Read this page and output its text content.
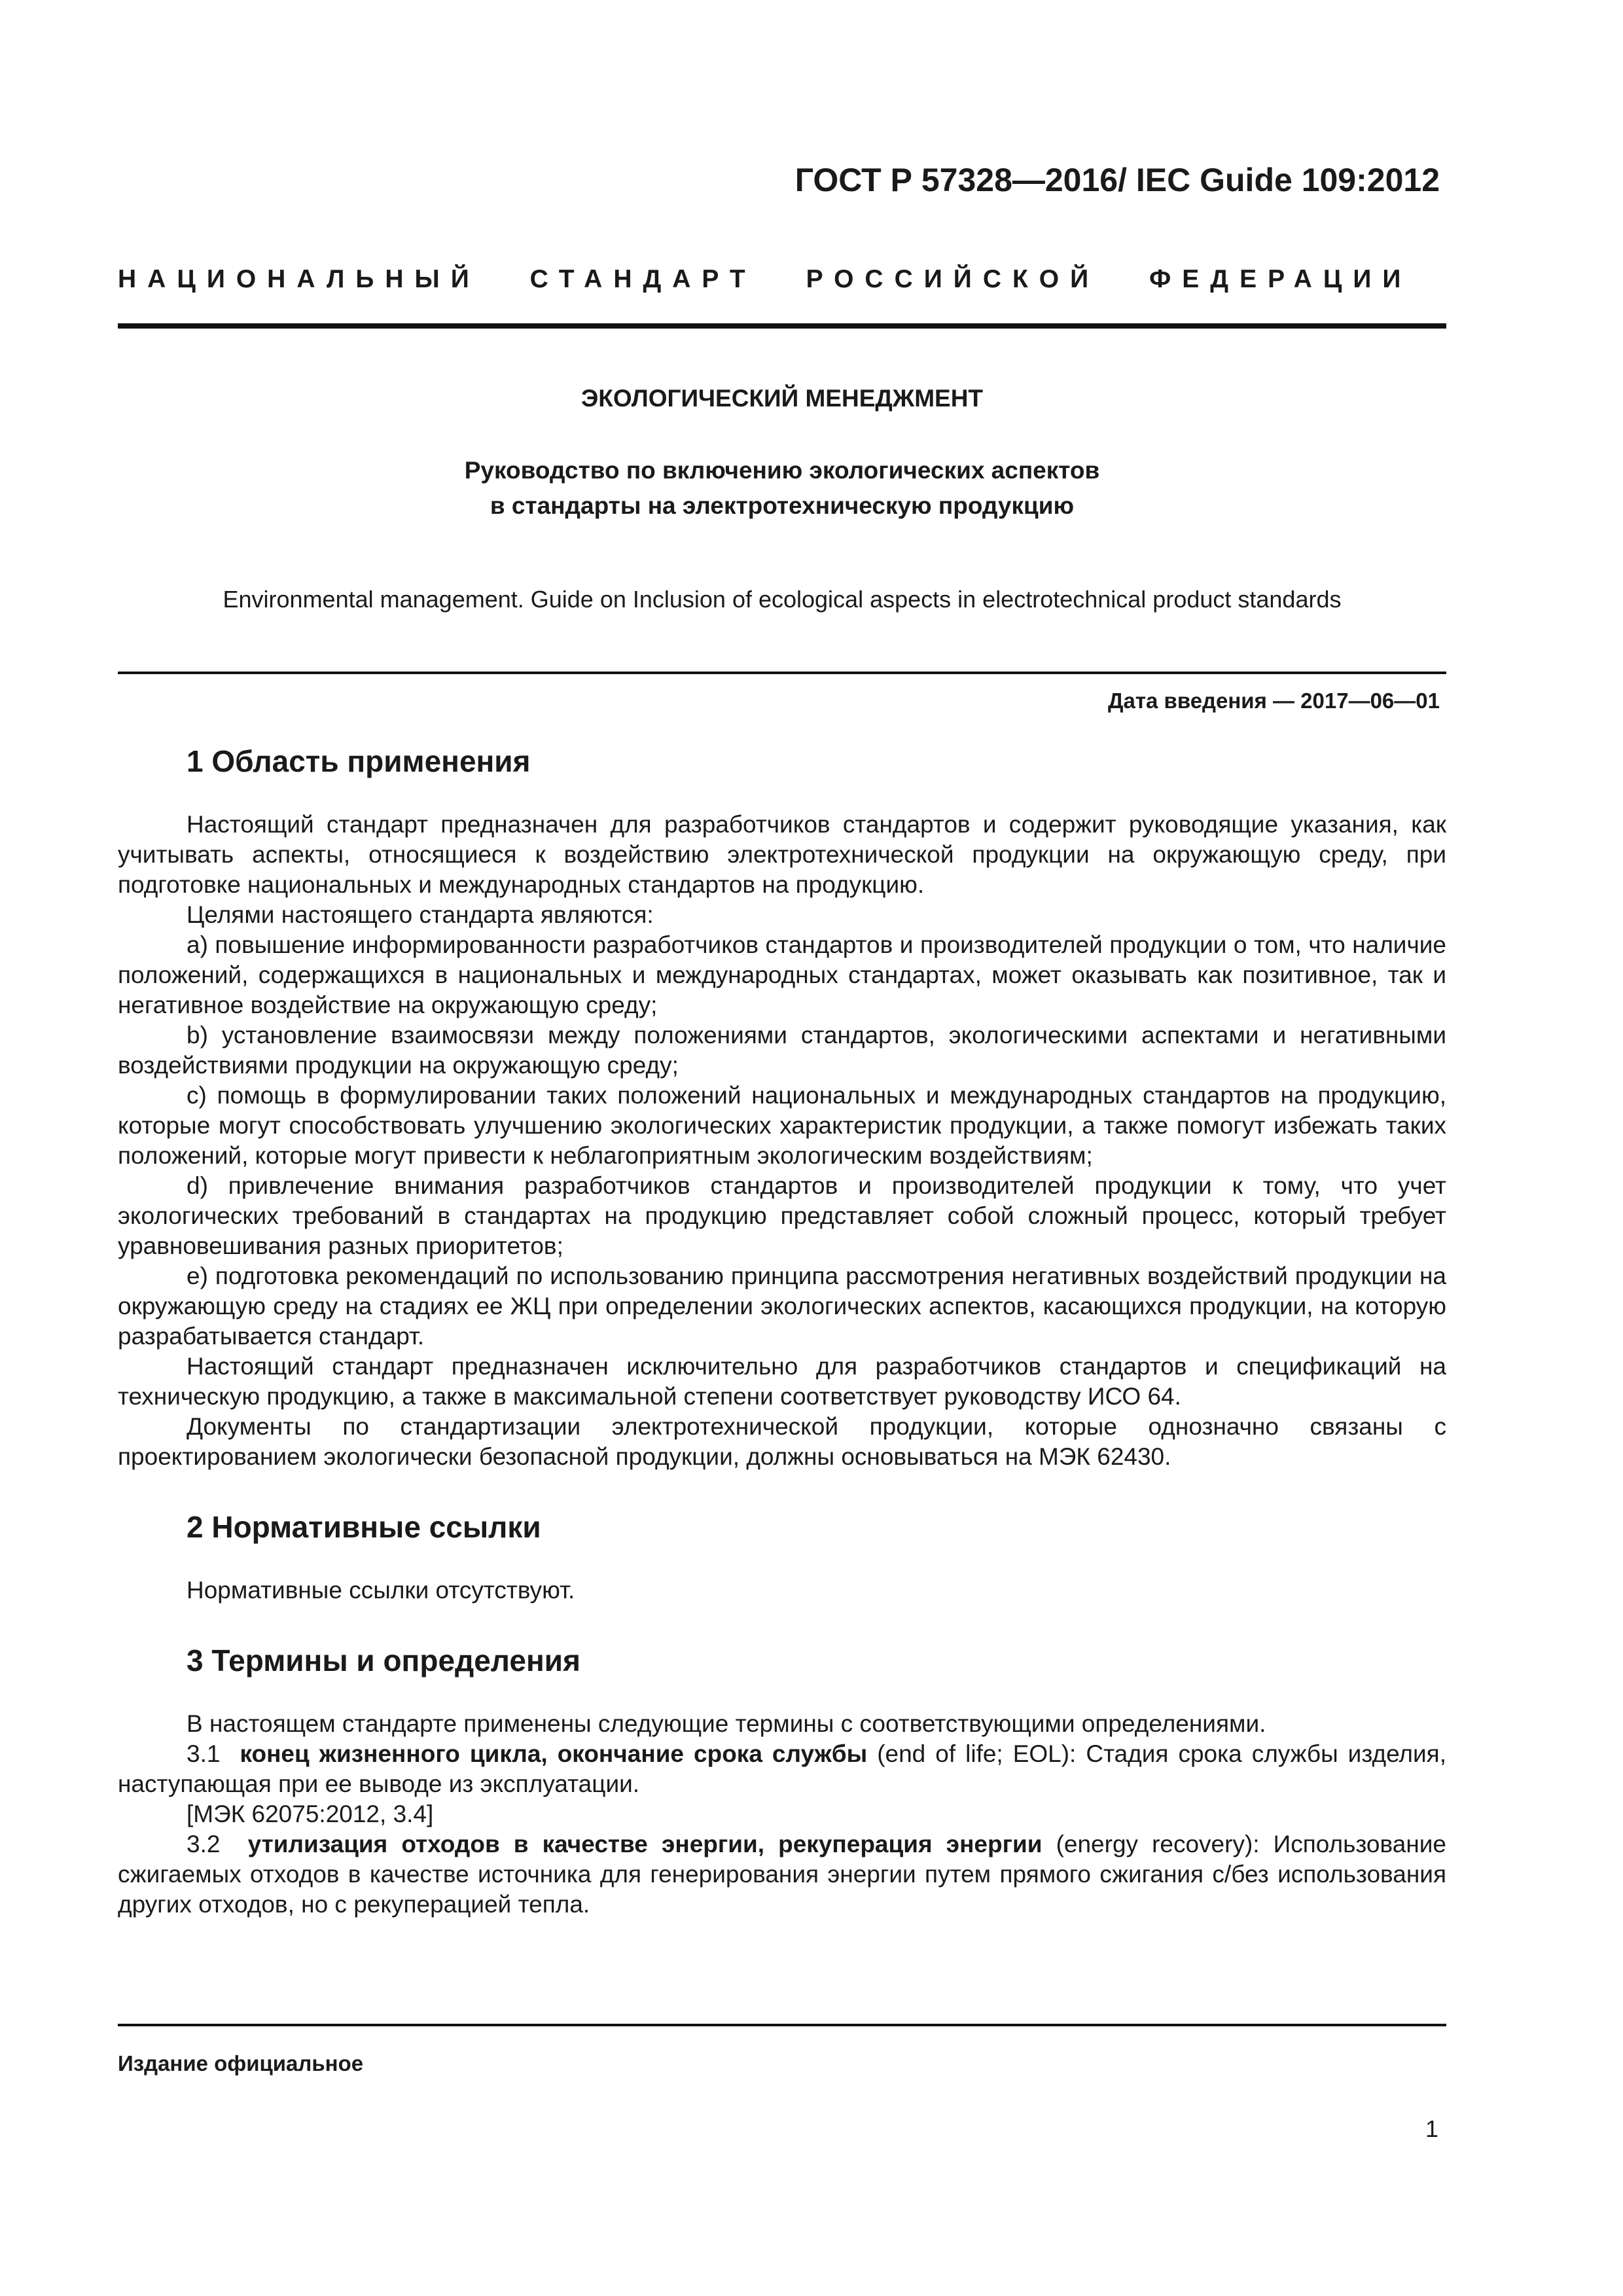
ГОСТ Р 57328—2016/ IEC Guide 109:2012
НАЦИОНАЛЬНЫЙ СТАНДАРТ РОССИЙСКОЙ ФЕДЕРАЦИИ
ЭКОЛОГИЧЕСКИЙ МЕНЕДЖМЕНТ
Руководство по включению экологических аспектов
в стандарты на электротехническую продукцию
Environmental management. Guide on Inclusion of ecological aspects in electrotechnical product standards
Дата введения — 2017—06—01
1 Область применения

Настоящий стандарт предназначен для разработчиков стандартов и содержит руководящие указания, как учитывать аспекты, относящиеся к воздействию электротехнической продукции на окружающую среду, при подготовке национальных и международных стандартов на продукцию.

Целями настоящего стандарта являются:

a) повышение информированности разработчиков стандартов и производителей продукции о том, что наличие положений, содержащихся в национальных и международных стандартах, может оказывать как позитивное, так и негативное воздействие на окружающую среду;

b) установление взаимосвязи между положениями стандартов, экологическими аспектами и негативными воздействиями продукции на окружающую среду;

c) помощь в формулировании таких положений национальных и международных стандартов на продукцию, которые могут способствовать улучшению экологических характеристик продукции, а также помогут избежать таких положений, которые могут привести к неблагоприятным экологическим воздействиям;

d) привлечение внимания разработчиков стандартов и производителей продукции к тому, что учет экологических требований в стандартах на продукцию представляет собой сложный процесс, который требует уравновешивания разных приоритетов;

e) подготовка рекомендаций по использованию принципа рассмотрения негативных воздействий продукции на окружающую среду на стадиях ее ЖЦ при определении экологических аспектов, касающихся продукции, на которую разрабатывается стандарт.

Настоящий стандарт предназначен исключительно для разработчиков стандартов и спецификаций на техническую продукцию, а также в максимальной степени соответствует руководству ИСО 64.

Документы по стандартизации электротехнической продукции, которые однозначно связаны с проектированием экологически безопасной продукции, должны основываться на МЭК 62430.

2 Нормативные ссылки

Нормативные ссылки отсутствуют.

3 Термины и определения

В настоящем стандарте применены следующие термины с соответствующими определениями.

3.1 конец жизненного цикла, окончание срока службы (end of life; EOL): Стадия срока службы изделия, наступающая при ее выводе из эксплуатации.

[МЭК 62075:2012, 3.4]

3.2 утилизация отходов в качестве энергии, рекуперация энергии (energy recovery): Использование сжигаемых отходов в качестве источника для генерирования энергии путем прямого сжигания с/без использования других отходов, но с рекуперацией тепла.

Издание официальное
1
